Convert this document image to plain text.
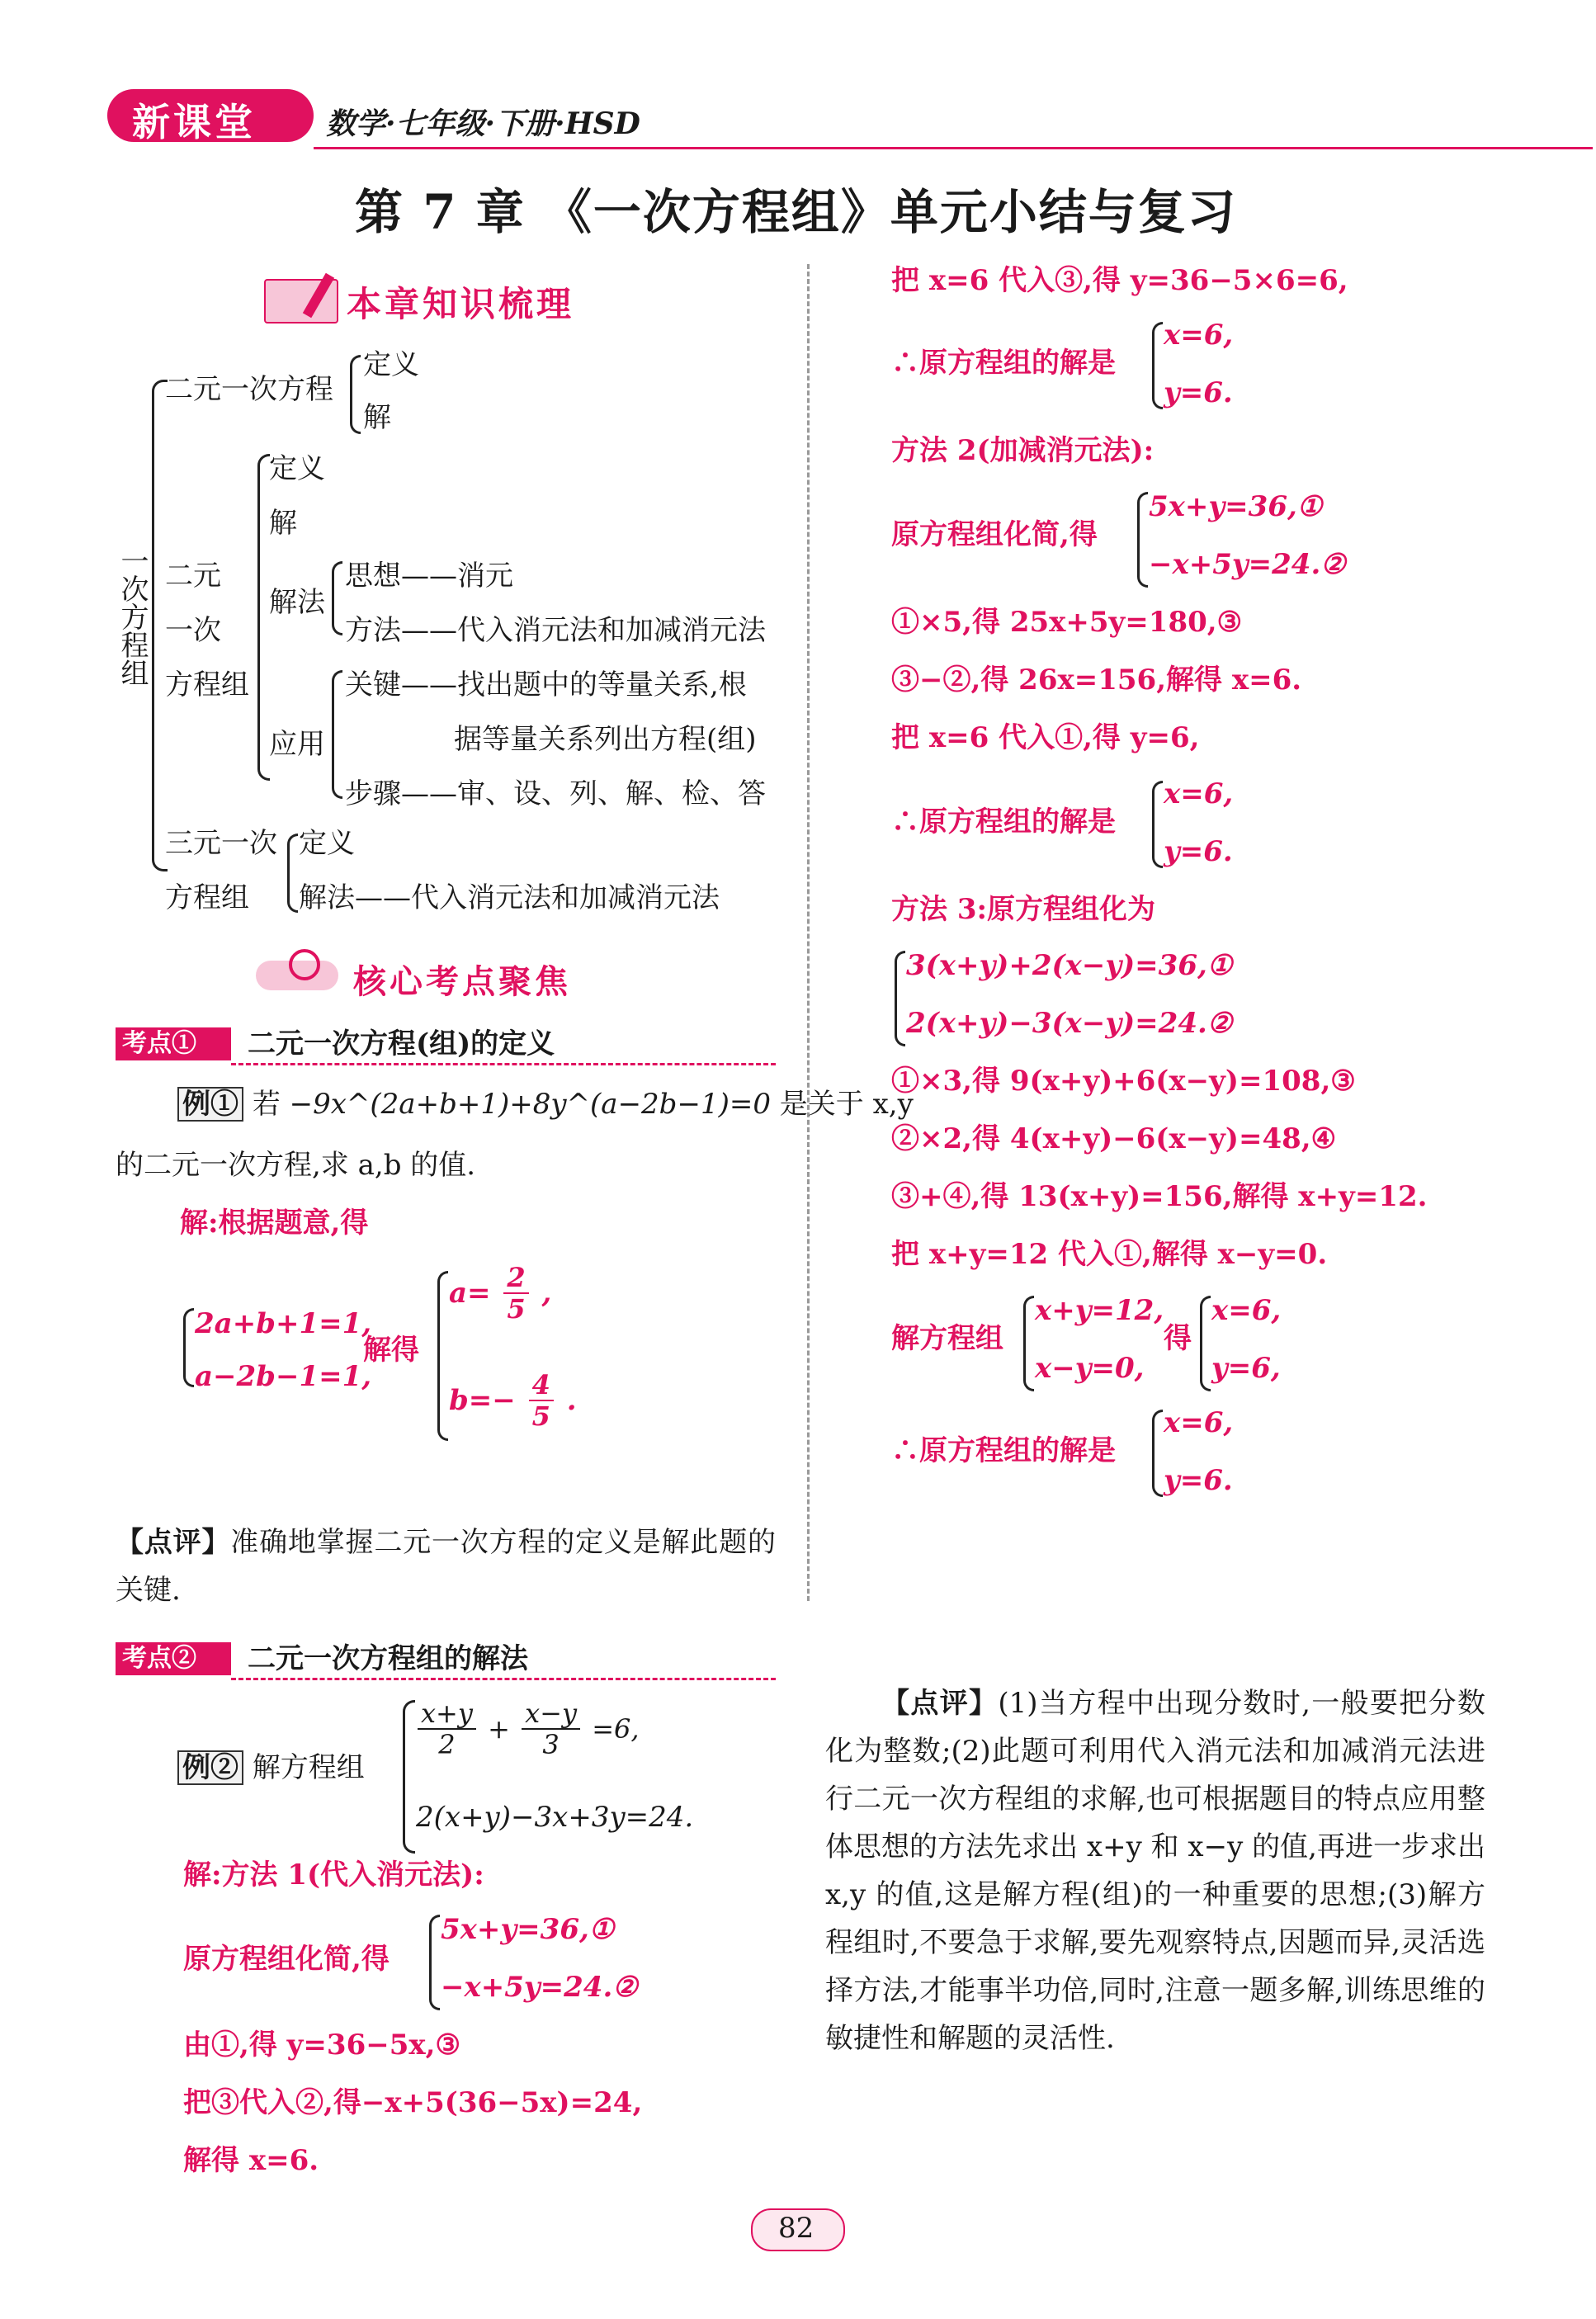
新课堂 数学·七年级·下册·HSD
第 7 章 《一次方程组》单元小结与复习
本章知识梳理
一次方程组
二元一次方程
定义
解
二元
一次
方程组
定义
解
解法
应用
思想 ——消元
方法 ——代入消元法和加减消元法
关键 ——找出题中的等量关系,根
据等量关系列出方程(组)
步骤 ——审、设、列、解、检、答
三元一次
方程组
定义
解法 ——代入消元法和加减消元法
核心考点聚焦
考点①	二元一次方程(组)的定义
例① 若 −9x^(2a+b+1)+8y^(a−2b−1)=0 是关于 x,y
的二元一次方程,求 a,b 的值.
解:根据题意,得
2a+b+1=1,
a−2b−1=1,
解得
$a= \frac{2}{5}$ ,
$b=- \frac{4}{5}$ .
【点评】准确地掌握二元一次方程的定义是解此题的关键.
考点②	二元一次方程组的解法
例② 解方程组
$\frac{x+y}{2} + \frac{x-y}{3} =6$,
2(x+y)−3x+3y=24.
解:方法 1(代入消元法):
原方程组化简,得
5x+y=36,①
−x+5y=24.②
由①,得 y=36−5x,③
把③代入②,得−x+5(36−5x)=24,
解得 x=6.
把 x=6 代入③,得 y=36−5×6=6,
∴原方程组的解是
x=6,
y=6.
方法 2(加减消元法):
原方程组化简,得
5x+y=36,①
−x+5y=24.②
①×5,得 25x+5y=180,③
③−②,得 26x=156,解得 x=6.
把 x=6 代入①,得 y=6,
∴原方程组的解是
x=6,
y=6.
方法 3:原方程组化为
3(x+y)+2(x−y)=36,①
2(x+y)−3(x−y)=24.②
①×3,得 9(x+y)+6(x−y)=108,③
②×2,得 4(x+y)−6(x−y)=48,④
③+④,得 13(x+y)=156,解得 x+y=12.
把 x+y=12 代入①,解得 x−y=0.
解方程组
x+y=12,
x−y=0,
得
x=6,
y=6,
∴原方程组的解是
x=6,
y=6.
【点评】(1)当方程中出现分数时,一般要把分数化为整数;(2)此题可利用代入消元法和加减消元法进行二元一次方程组的求解,也可根据题目的特点应用整体思想的方法先求出 x+y 和 x−y 的值,再进一步求出 x,y 的值,这是解方程(组)的一种重要的思想;(3)解方程组时,不要急于求解,要先观察特点,因题而异,灵活选择方法,才能事半功倍,同时,注意一题多解,训练思维的敏捷性和解题的灵活性.
82
